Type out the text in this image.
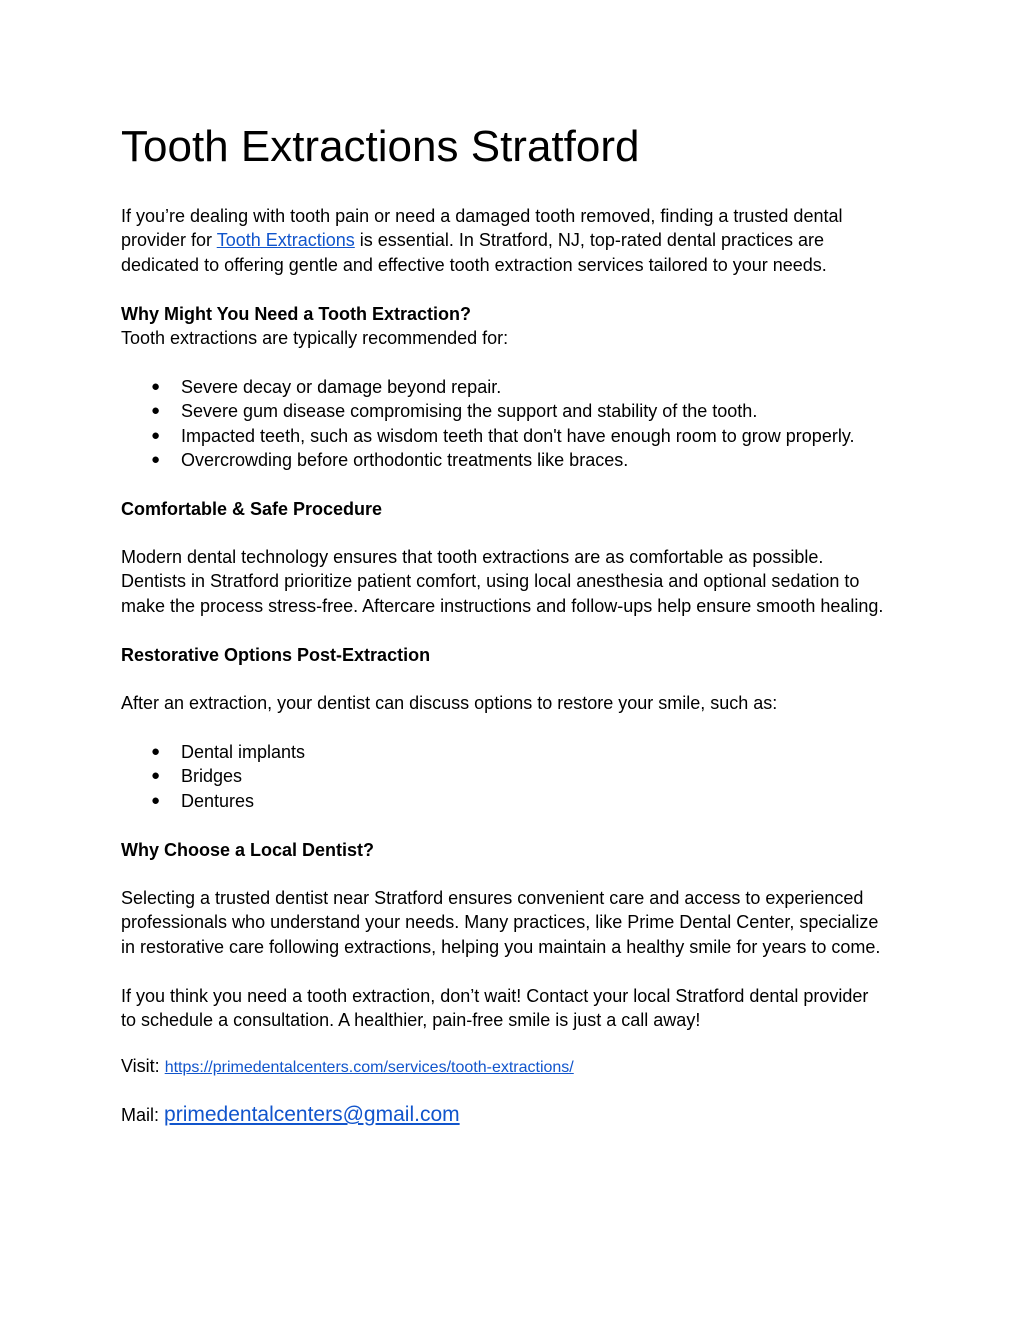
Tooth Extractions Stratford

If you’re dealing with tooth pain or need a damaged tooth removed, finding a trusted dental
provider for Tooth Extractions is essential. In Stratford, NJ, top-rated dental practices are
dedicated to offering gentle and effective tooth extraction services tailored to your needs.

Why Might You Need a Tooth Extraction?

Tooth extractions are typically recommended for:

● Severe decay or damage beyond repair.
● Severe gum disease compromising the support and stability of the tooth.
● Impacted teeth, such as wisdom teeth that don't have enough room to grow properly.
● Overcrowding before orthodontic treatments like braces.
Comfortable & Safe Procedure

Modern dental technology ensures that tooth extractions are as comfortable as possible.
Dentists in Stratford prioritize patient comfort, using local anesthesia and optional sedation to
make the process stress-free. Aftercare instructions and follow-ups help ensure smooth healing.

Restorative Options Post-Extraction

After an extraction, your dentist can discuss options to restore your smile, such as:

● Dental implants
● Bridges
● Dentures
Why Choose a Local Dentist?

Selecting a trusted dentist near Stratford ensures convenient care and access to experienced
professionals who understand your needs. Many practices, like Prime Dental Center, specialize
in restorative care following extractions, helping you maintain a healthy smile for years to come.

If you think you need a tooth extraction, don’t wait! Contact your local Stratford dental provider
to schedule a consultation. A healthier, pain-free smile is just a call away!

Visit: https://primedentalcenters.com/services/tooth-extractions/
Mail: primedentalcenters@gmail.com
